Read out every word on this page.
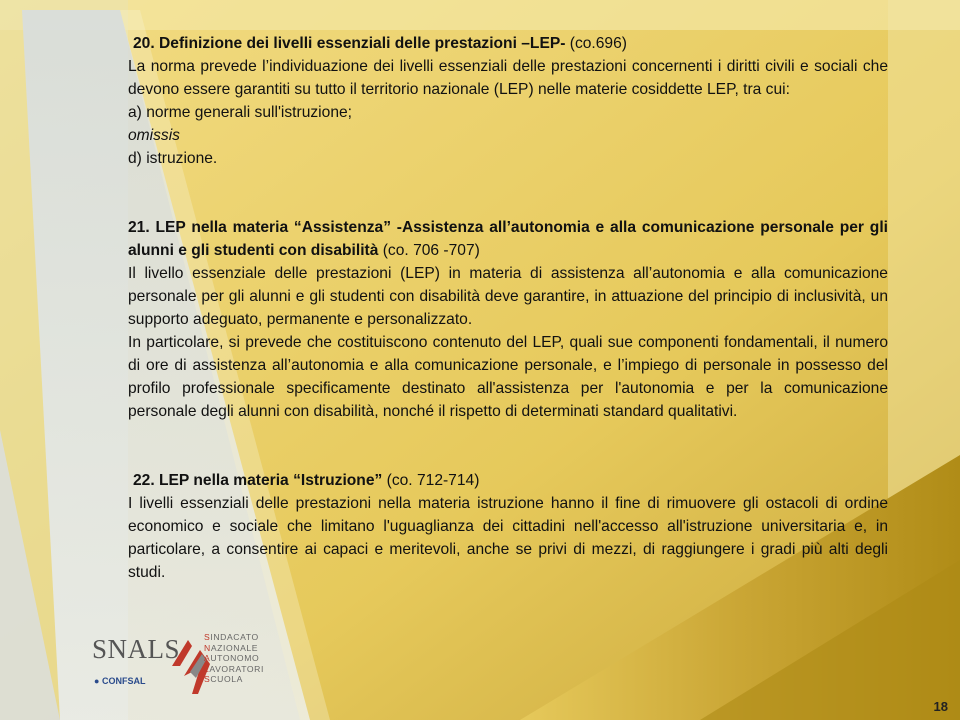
20. Definizione dei livelli essenziali delle prestazioni –LEP- (co.696)

La norma prevede l’individuazione dei livelli essenziali delle prestazioni concernenti i diritti civili e sociali che devono essere garantiti su tutto il territorio nazionale (LEP) nelle materie cosiddette LEP, tra cui:

a) norme generali sull'istruzione;

omissis

d) istruzione.

21. LEP nella materia “Assistenza” -Assistenza all’autonomia e alla comunicazione personale per gli alunni e gli studenti con disabilità (co. 706 -707)

Il livello essenziale delle prestazioni (LEP) in materia di assistenza all’autonomia e alla comunicazione personale per gli alunni e gli studenti con disabilità deve garantire, in attuazione del principio di inclusività, un supporto adeguato, permanente e personalizzato.

In particolare, si prevede che costituiscono contenuto del LEP, quali sue componenti fondamentali, il numero di ore di assistenza all’autonomia e alla comunicazione personale, e l’impiego di personale in possesso del profilo professionale specificamente destinato all'assistenza per l'autonomia e per la comunicazione personale degli alunni con disabilità, nonché il rispetto di determinati standard qualitativi.

22. LEP nella materia “Istruzione” (co. 712-714)

I livelli essenziali delle prestazioni nella materia istruzione hanno il fine di rimuovere gli ostacoli di ordine economico e sociale che limitano l'uguaglianza dei cittadini nell'accesso all'istruzione universitaria e, in particolare, a consentire ai capaci e meritevoli, anche se privi di mezzi, di raggiungere i gradi più alti degli studi.

SNALS
● CONFSAL
SINDACATO
NAZIONALE
AUTONOMO
LAVORATORI
SCUOLA
18
